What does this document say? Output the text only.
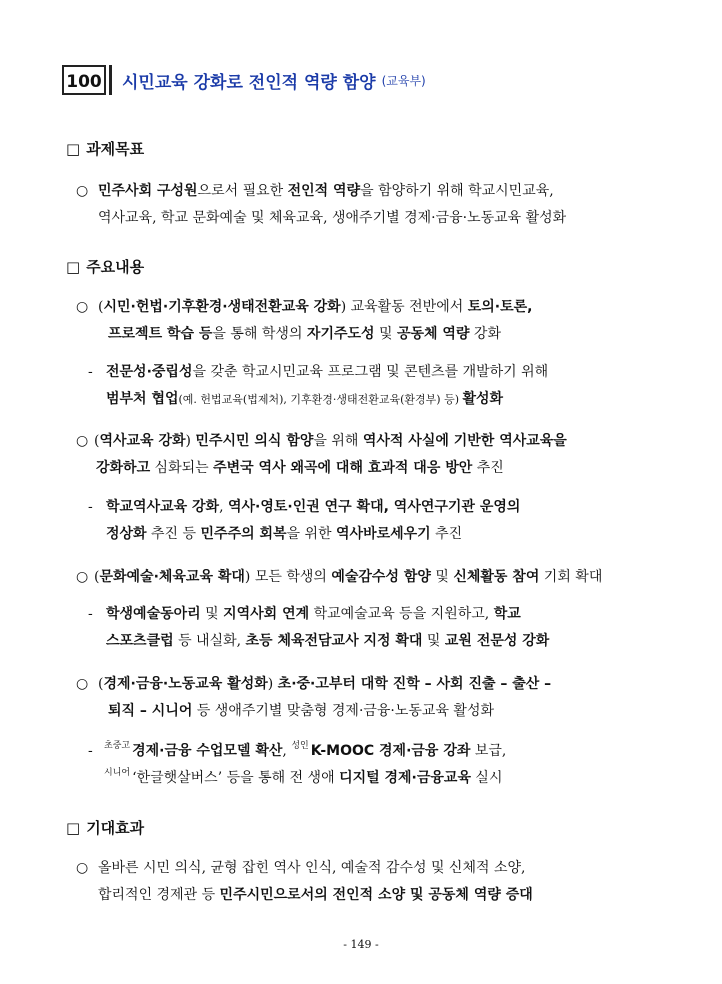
100 시민교육 강화로 전인적 역량 함양 (교육부)
□ 과제목표
○ 민주사회 구성원으로서 필요한 전인적 역량을 함양하기 위해 학교시민교육,
역사교육, 학교 문화예술 및 체육교육, 생애주기별 경제·금융·노동교육 활성화
□ 주요내용
○ (시민·헌법·기후환경·생태전환교육 강화) 교육활동 전반에서 토의·토론,
프로젝트 학습 등을 통해 학생의 자기주도성 및 공동체 역량 강화
- 전문성·중립성을 갖춘 학교시민교육 프로그램 및 콘텐츠를 개발하기 위해
범부처 협업(예. 헌법교육(법제처), 기후환경·생태전환교육(환경부) 등) 활성화
○ (역사교육 강화) 민주시민 의식 함양을 위해 역사적 사실에 기반한 역사교육을
강화하고 심화되는 주변국 역사 왜곡에 대해 효과적 대응 방안 추진
- 학교역사교육 강화, 역사·영토·인권 연구 확대, 역사연구기관 운영의
정상화 추진 등 민주주의 회복을 위한 역사바로세우기 추진
○ (문화예술·체육교육 확대) 모든 학생의 예술감수성 함양 및 신체활동 참여 기회 확대
- 학생예술동아리 및 지역사회 연계 학교예술교육 등을 지원하고, 학교
스포츠클럽 등 내실화, 초등 체육전담교사 지정 확대 및 교원 전문성 강화
○ (경제·금융·노동교육 활성화) 초·중·고부터 대학 진학 – 사회 진출 – 출산 –
퇴직 – 시니어 등 생애주기별 맞춤형 경제·금융·노동교육 활성화
- $^{초중고}$ 경제·금융 수업모델 확산, $^{성인}$ K-MOOC 경제·금융 강좌 보급,
$^{시니어}$ ‘한글햇살버스’ 등을 통해 전 생애 디지털 경제·금융교육 실시
□ 기대효과
○ 올바른 시민 의식, 균형 잡힌 역사 인식, 예술적 감수성 및 신체적 소양,
합리적인 경제관 등 민주시민으로서의 전인적 소양 및 공동체 역량 증대
- 149 -
